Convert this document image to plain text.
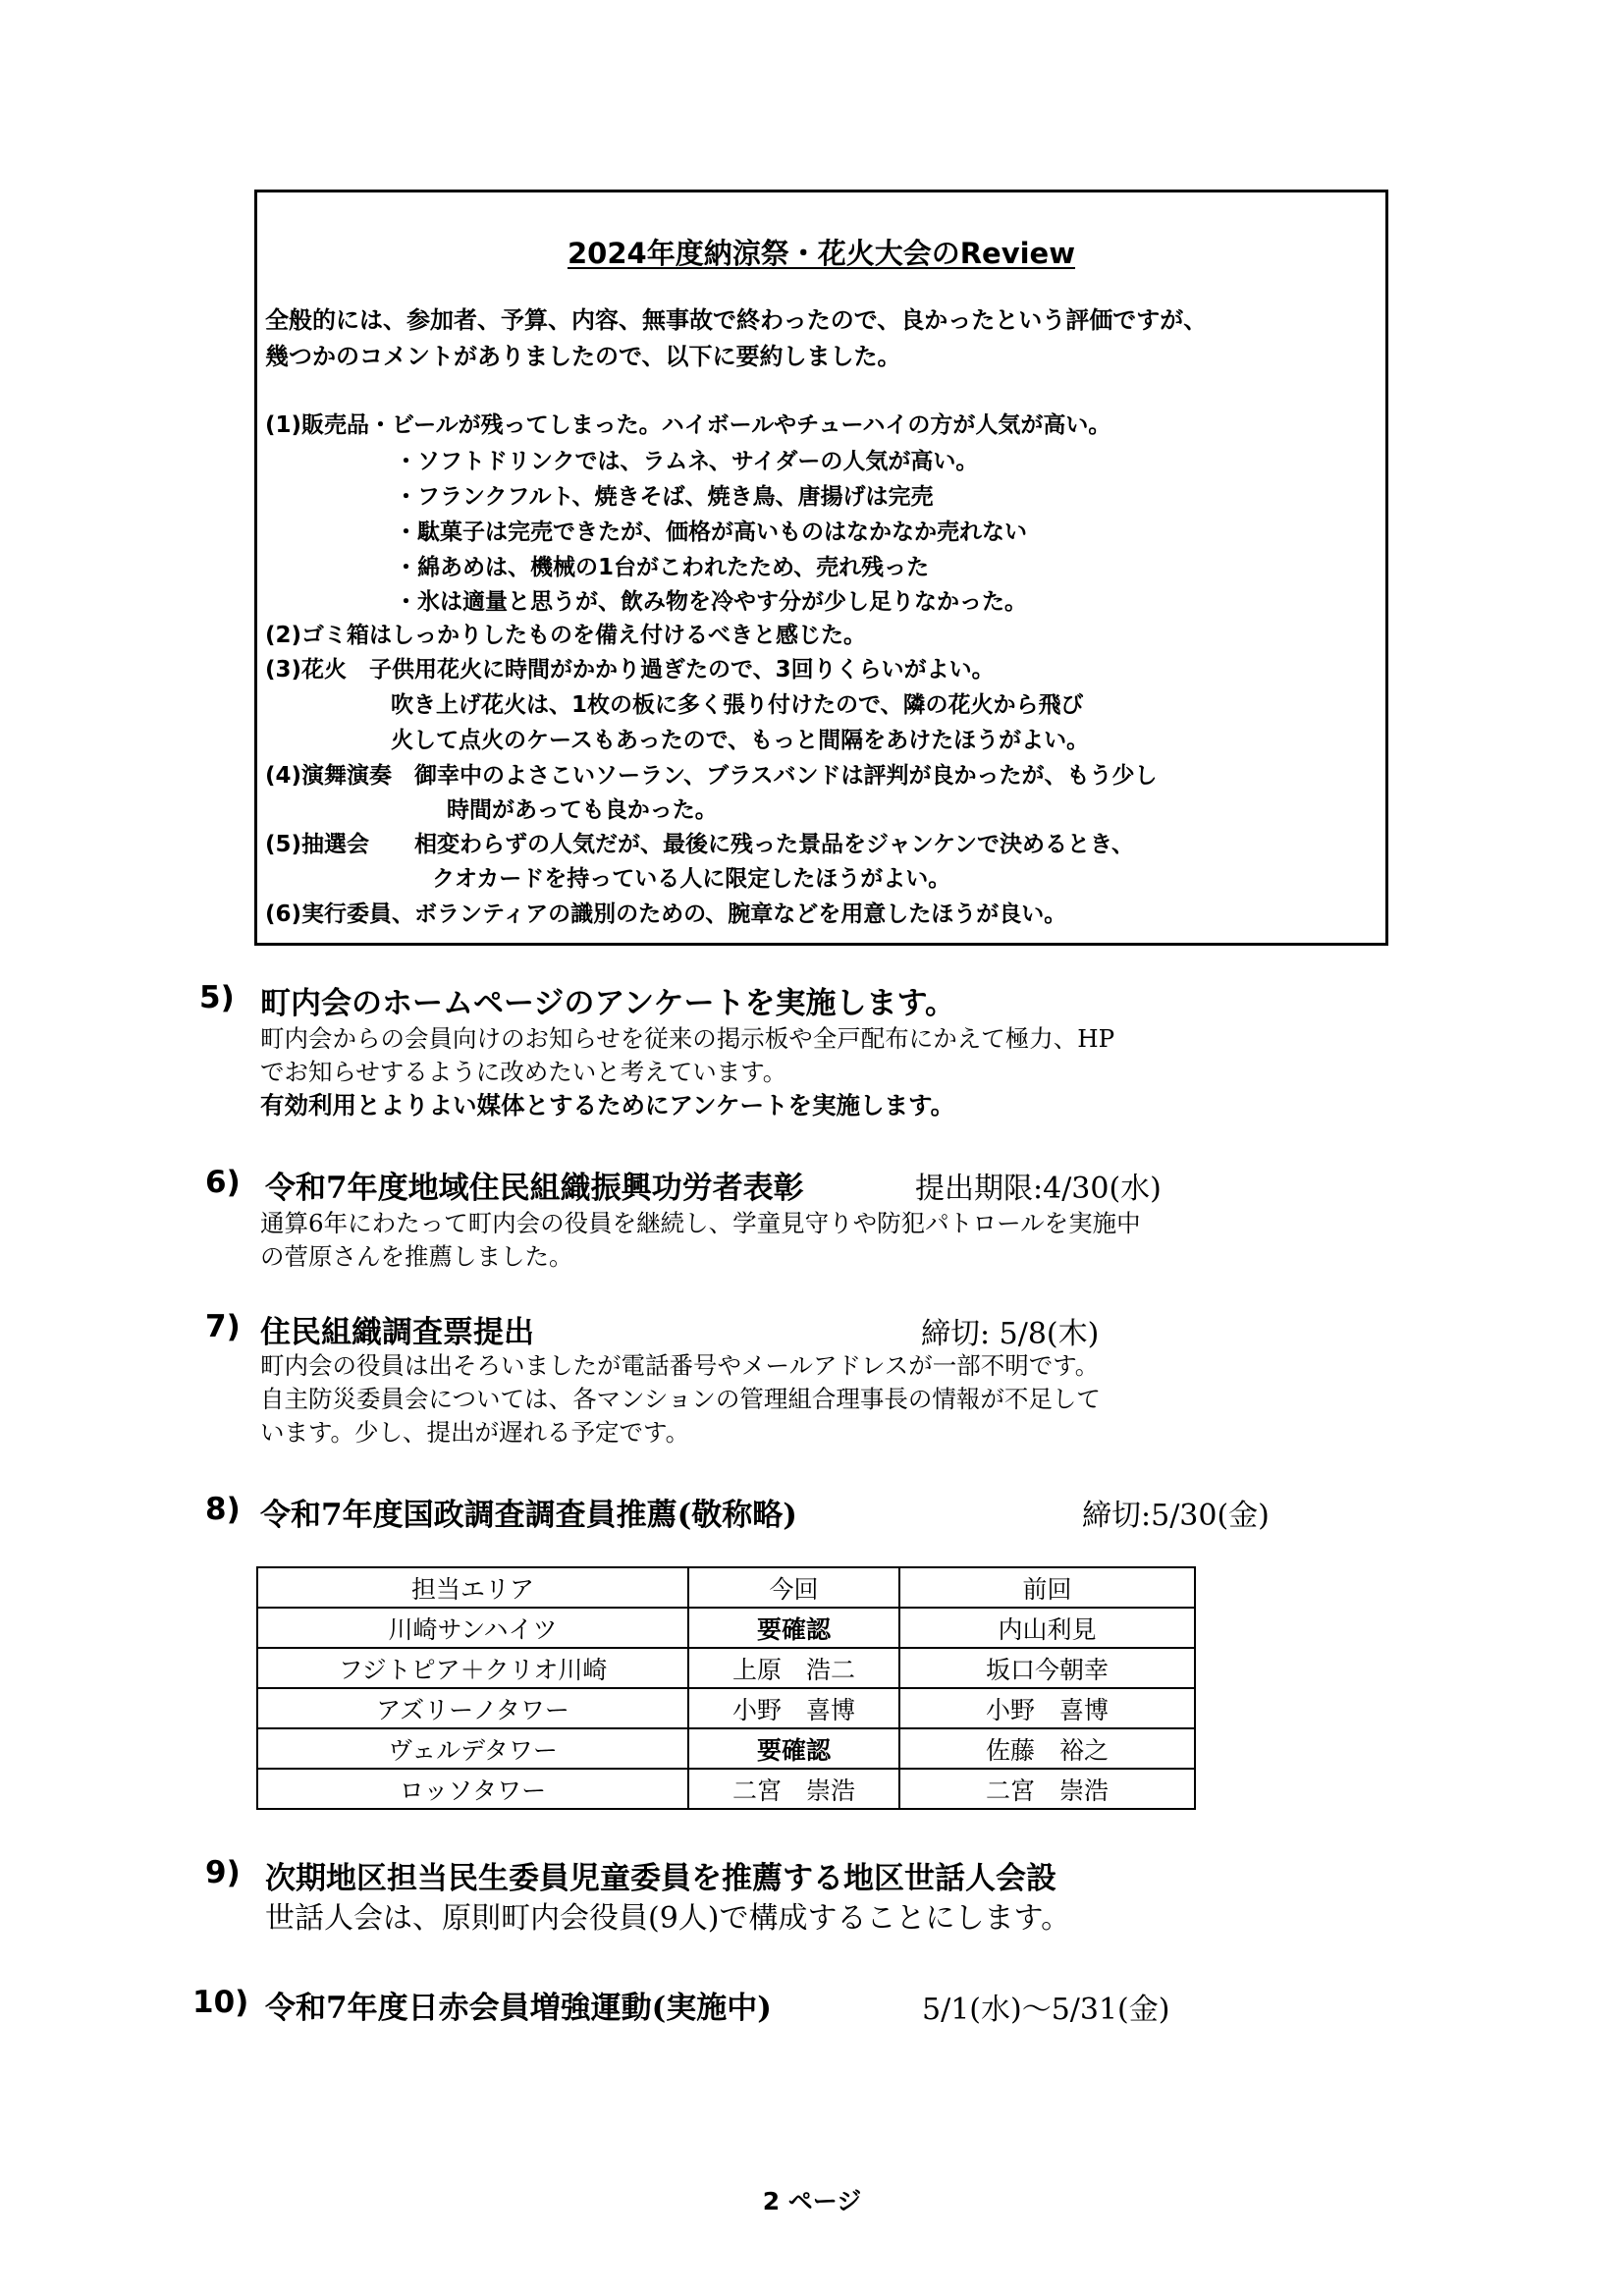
2024年度納涼祭・花火大会のReview
全般的には、参加者、予算、内容、無事故で終わったので、良かったという評価ですが、
幾つかのコメントがありましたので、以下に要約しました。
(1)販売品・ビールが残ってしまった。ハイボールやチューハイの方が人気が高い。
・ソフトドリンクでは、ラムネ、サイダーの人気が高い。
・フランクフルト、焼きそば、焼き鳥、唐揚げは完売
・駄菓子は完売できたが、価格が高いものはなかなか売れない
・綿あめは、機械の1台がこわれたため、売れ残った
・氷は適量と思うが、飲み物を冷やす分が少し足りなかった。
(2)ゴミ箱はしっかりしたものを備え付けるべきと感じた。
(3)花火　子供用花火に時間がかかり過ぎたので、3回りくらいがよい。
吹き上げ花火は、1枚の板に多く張り付けたので、隣の花火から飛び
火して点火のケースもあったので、もっと間隔をあけたほうがよい。
(4)演舞演奏　御幸中のよさこいソーラン、ブラスバンドは評判が良かったが、もう少し
時間があっても良かった。
(5)抽選会　　相変わらずの人気だが、最後に残った景品をジャンケンで決めるとき、
クオカードを持っている人に限定したほうがよい。
(6)実行委員、ボランティアの識別のための、腕章などを用意したほうが良い。
5) 町内会のホームページのアンケートを実施します。
町内会からの会員向けのお知らせを従来の掲示板や全戸配布にかえて極力、HP
でお知らせするように改めたいと考えています。
有効利用とよりよい媒体とするためにアンケートを実施します。
6) 令和7年度地域住民組織振興功労者表彰	提出期限:4/30(水)
通算6年にわたって町内会の役員を継続し、学童見守りや防犯パトロールを実施中
の菅原さんを推薦しました。
7) 住民組織調査票提出	締切: 5/8(木)
町内会の役員は出そろいましたが電話番号やメールアドレスが一部不明です。
自主防災委員会については、各マンションの管理組合理事長の情報が不足して
います。少し、提出が遅れる予定です。
8) 令和7年度国政調査調査員推薦(敬称略)	締切:5/30(金)
担当エリア	今回	前回
川崎サンハイツ	要確認	内山利見
フジトピア＋クリオ川崎	上原　浩二	坂口今朝幸
アズリーノタワー	小野　喜博	小野　喜博
ヴェルデタワー	要確認	佐藤　裕之
ロッソタワー	二宮　崇浩	二宮　崇浩
9) 次期地区担当民生委員児童委員を推薦する地区世話人会設
世話人会は、原則町内会役員(9人)で構成することにします。
10) 令和7年度日赤会員増強運動(実施中)	5/1(水)～5/31(金)
2 ページ
